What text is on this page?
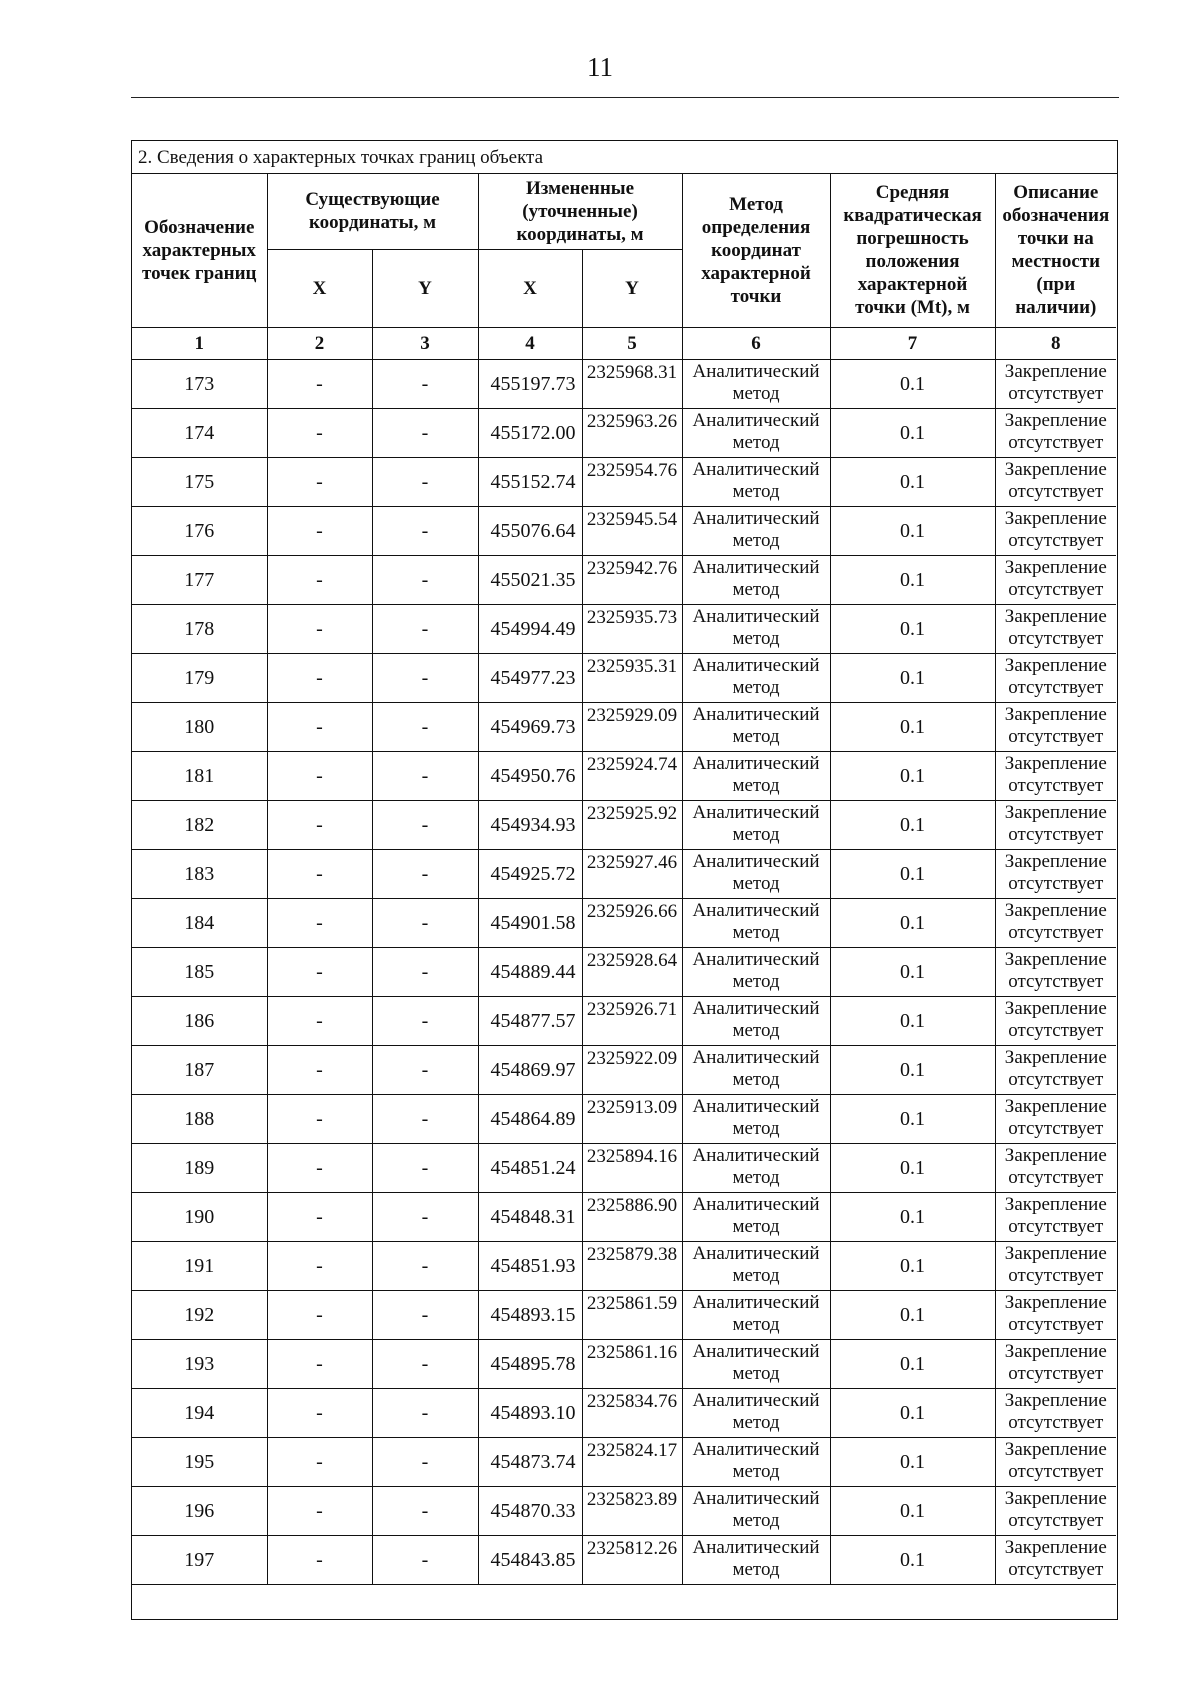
11
2. Сведения о характерных точках границ объекта
Обозначение характерных точек границ	Существующие координаты, м		Измененные (уточненные) координаты, м		Метод определения координат характерной точки	Средняя квадратическая погрешность положения характерной точки (Mt), м	Описание обозначения точки на местности (при наличии)
	X	Y	X	Y			
1	2	3	4	5	6	7	8
173	-	-	455197.73	2325968.31	Аналитический метод	0.1	Закрепление отсутствует
174	-	-	455172.00	2325963.26	Аналитический метод	0.1	Закрепление отсутствует
175	-	-	455152.74	2325954.76	Аналитический метод	0.1	Закрепление отсутствует
176	-	-	455076.64	2325945.54	Аналитический метод	0.1	Закрепление отсутствует
177	-	-	455021.35	2325942.76	Аналитический метод	0.1	Закрепление отсутствует
178	-	-	454994.49	2325935.73	Аналитический метод	0.1	Закрепление отсутствует
179	-	-	454977.23	2325935.31	Аналитический метод	0.1	Закрепление отсутствует
180	-	-	454969.73	2325929.09	Аналитический метод	0.1	Закрепление отсутствует
181	-	-	454950.76	2325924.74	Аналитический метод	0.1	Закрепление отсутствует
182	-	-	454934.93	2325925.92	Аналитический метод	0.1	Закрепление отсутствует
183	-	-	454925.72	2325927.46	Аналитический метод	0.1	Закрепление отсутствует
184	-	-	454901.58	2325926.66	Аналитический метод	0.1	Закрепление отсутствует
185	-	-	454889.44	2325928.64	Аналитический метод	0.1	Закрепление отсутствует
186	-	-	454877.57	2325926.71	Аналитический метод	0.1	Закрепление отсутствует
187	-	-	454869.97	2325922.09	Аналитический метод	0.1	Закрепление отсутствует
188	-	-	454864.89	2325913.09	Аналитический метод	0.1	Закрепление отсутствует
189	-	-	454851.24	2325894.16	Аналитический метод	0.1	Закрепление отсутствует
190	-	-	454848.31	2325886.90	Аналитический метод	0.1	Закрепление отсутствует
191	-	-	454851.93	2325879.38	Аналитический метод	0.1	Закрепление отсутствует
192	-	-	454893.15	2325861.59	Аналитический метод	0.1	Закрепление отсутствует
193	-	-	454895.78	2325861.16	Аналитический метод	0.1	Закрепление отсутствует
194	-	-	454893.10	2325834.76	Аналитический метод	0.1	Закрепление отсутствует
195	-	-	454873.74	2325824.17	Аналитический метод	0.1	Закрепление отсутствует
196	-	-	454870.33	2325823.89	Аналитический метод	0.1	Закрепление отсутствует
197	-	-	454843.85	2325812.26	Аналитический метод	0.1	Закрепление отсутствует
